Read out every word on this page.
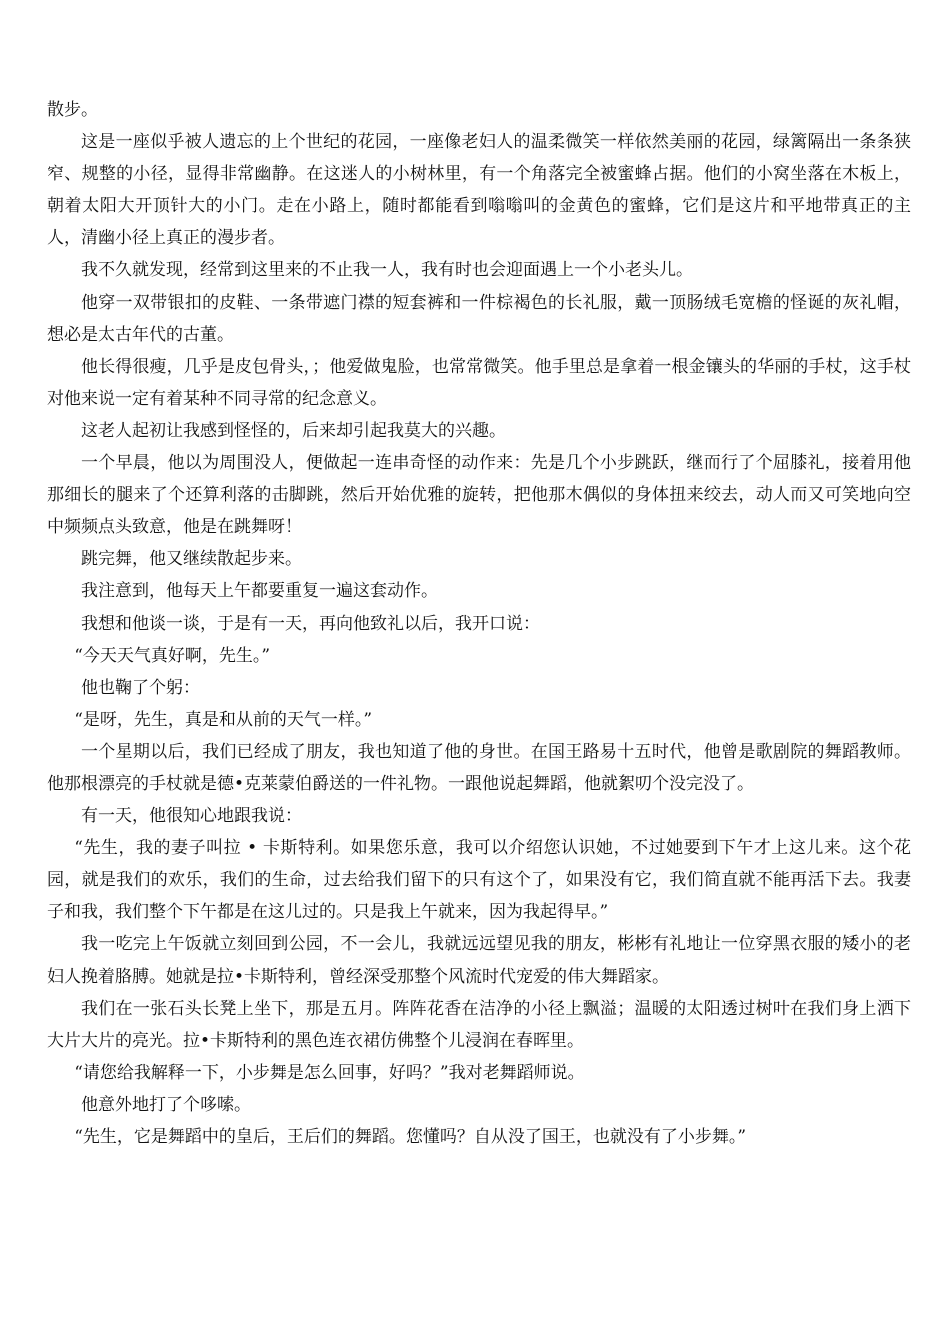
散步。

这是一座似乎被人遗忘的上个世纪的花园，一座像老妇人的温柔微笑一样依然美丽的花园，绿篱隔出一条条狭窄、规整的小径，显得非常幽静。在这迷人的小树林里，有一个角落完全被蜜蜂占据。他们的小窝坐落在木板上，朝着太阳大开顶针大的小门。走在小路上，随时都能看到嗡嗡叫的金黄色的蜜蜂，它们是这片和平地带真正的主人，清幽小径上真正的漫步者。

我不久就发现，经常到这里来的不止我一人，我有时也会迎面遇上一个小老头儿。

他穿一双带银扣的皮鞋、一条带遮门襟的短套裤和一件棕褐色的长礼服，戴一顶肠绒毛宽檐的怪诞的灰礼帽，想必是太古年代的古董。

他长得很瘦，几乎是皮包骨头，；他爱做鬼脸，也常常微笑。他手里总是拿着一根金镶头的华丽的手杖，这手杖对他来说一定有着某种不同寻常的纪念意义。

这老人起初让我感到怪怪的，后来却引起我莫大的兴趣。

一个早晨，他以为周围没人，便做起一连串奇怪的动作来：先是几个小步跳跃，继而行了个屈膝礼，接着用他那细长的腿来了个还算利落的击脚跳，然后开始优雅的旋转，把他那木偶似的身体扭来绞去，动人而又可笑地向空中频频点头致意，他是在跳舞呀！

跳完舞，他又继续散起步来。

我注意到，他每天上午都要重复一遍这套动作。

我想和他谈一谈，于是有一天，再向他致礼以后，我开口说：

“今天天气真好啊，先生。”

他也鞠了个躬：

“是呀，先生，真是和从前的天气一样。”

一个星期以后，我们已经成了朋友，我也知道了他的身世。在国王路易十五时代，他曾是歌剧院的舞蹈教师。他那根漂亮的手杖就是德•克莱蒙伯爵送的一件礼物。一跟他说起舞蹈，他就絮叨个没完没了。

有一天，他很知心地跟我说：

“先生，我的妻子叫拉 • 卡斯特利。如果您乐意，我可以介绍您认识她，不过她要到下午才上这儿来。这个花园，就是我们的欢乐，我们的生命，过去给我们留下的只有这个了，如果没有它，我们简直就不能再活下去。我妻子和我，我们整个下午都是在这儿过的。只是我上午就来，因为我起得早。”

我一吃完上午饭就立刻回到公园，不一会儿，我就远远望见我的朋友，彬彬有礼地让一位穿黑衣服的矮小的老妇人挽着胳膊。她就是拉•卡斯特利，曾经深受那整个风流时代宠爱的伟大舞蹈家。

我们在一张石头长凳上坐下，那是五月。阵阵花香在洁净的小径上飘溢；温暖的太阳透过树叶在我们身上洒下大片大片的亮光。拉•卡斯特利的黑色连衣裙仿佛整个儿浸润在春晖里。

“请您给我解释一下，小步舞是怎么回事，好吗？”我对老舞蹈师说。

他意外地打了个哆嗦。

“先生，它是舞蹈中的皇后，王后们的舞蹈。您懂吗？自从没了国王，也就没有了小步舞。”
